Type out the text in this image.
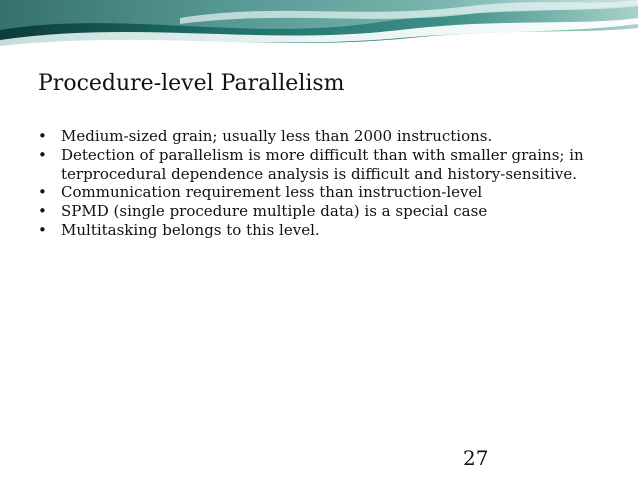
Procedure-level Parallelism
• Medium-sized grain; usually less than 2000 instructions.
• Detection of parallelism is more difficult than with smaller grains; in terprocedural dependence analysis is difficult and history-sensitive.
• Communication requirement less than instruction-level
• SPMD (single procedure multiple data) is a special case
• Multitasking belongs to this level.
27
